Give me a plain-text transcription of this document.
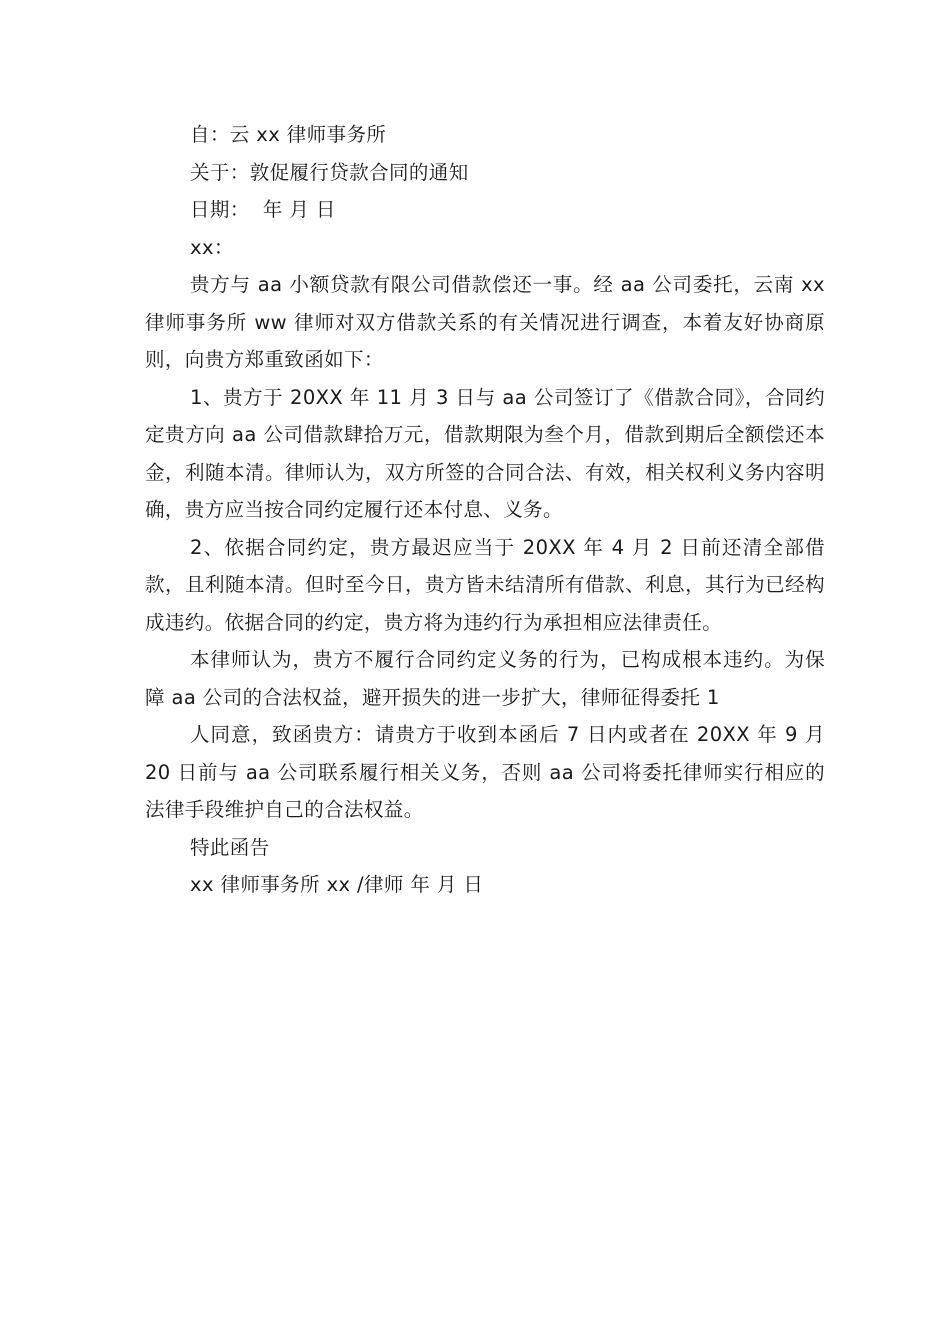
自：云 xx 律师事务所
关于：敦促履行贷款合同的通知
日期：  年 月 日
xx：

贵方与 aa 小额贷款有限公司借款偿还一事。经 aa 公司委托，云南 xx 律师事务所 ww 律师对双方借款关系的有关情况进行调查，本着友好协商原则，向贵方郑重致函如下：

1、贵方于 20XX 年 11 月 3 日与 aa 公司签订了《借款合同》，合同约定贵方向 aa 公司借款肆拾万元，借款期限为叁个月，借款到期后全额偿还本金，利随本清。律师认为，双方所签的合同合法、有效，相关权利义务内容明确，贵方应当按合同约定履行还本付息、义务。

2、依据合同约定，贵方最迟应当于 20XX 年 4 月 2 日前还清全部借款，且利随本清。但时至今日，贵方皆未结清所有借款、利息，其行为已经构成违约。依据合同的约定，贵方将为违约行为承担相应法律责任。

本律师认为，贵方不履行合同约定义务的行为，已构成根本违约。为保障 aa 公司的合法权益，避开损失的进一步扩大，律师征得委托 1

人同意，致函贵方：请贵方于收到本函后 7 日内或者在 20XX 年 9 月 20 日前与 aa 公司联系履行相关义务，否则 aa 公司将委托律师实行相应的法律手段维护自己的合法权益。

特此函告
xx 律师事务所 xx /律师 年 月 日
